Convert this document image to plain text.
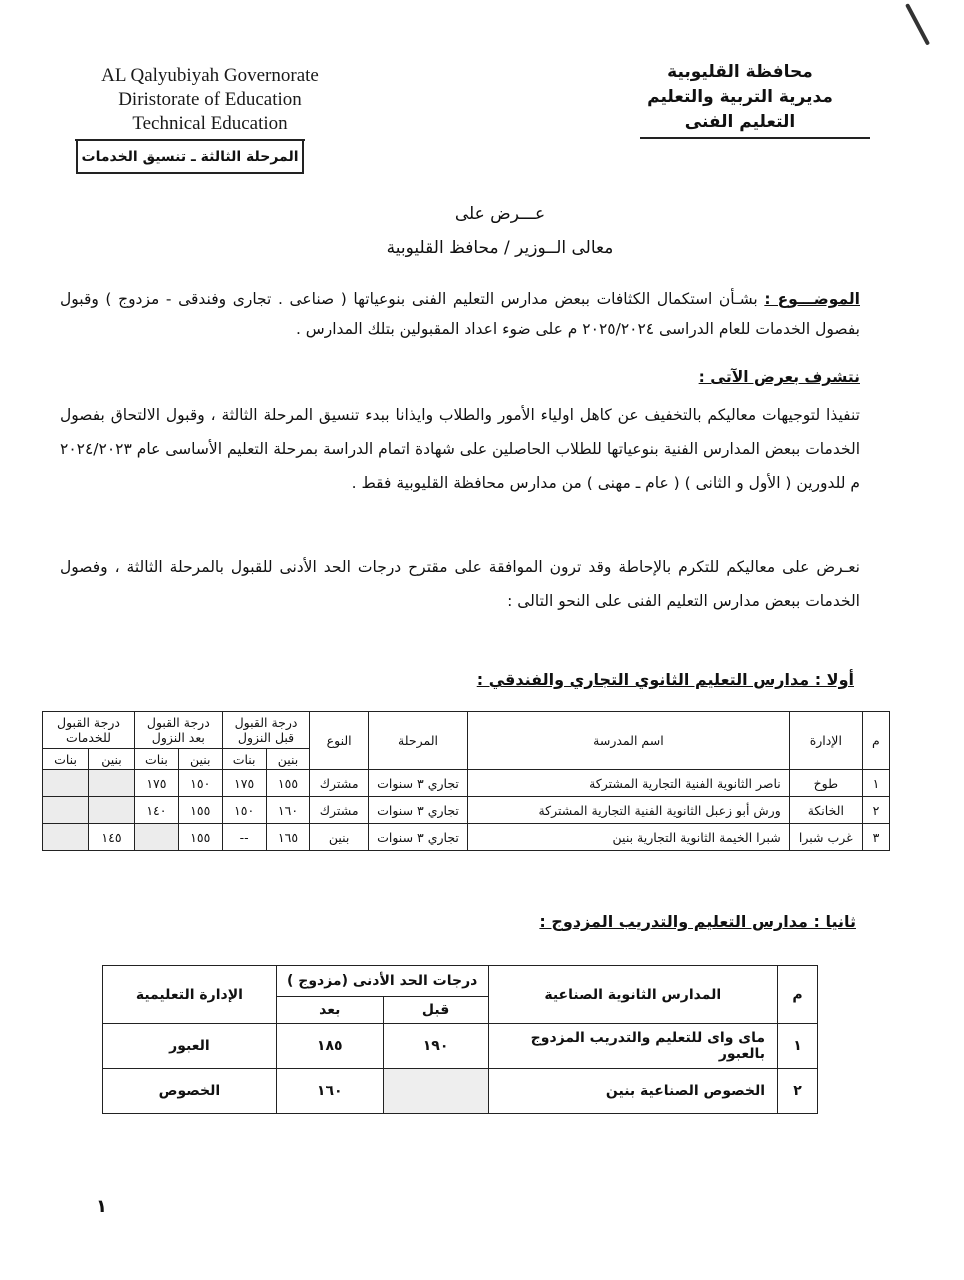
AL Qalyubiyah Governorate
Diristorate of Education
Technical Education
المرحلة الثالثة ـ تنسيق الخدمات
محافظة القليوبية
مديرية التربية والتعليم
التعليم الفنى
عـــرض على
معالى الــوزير / محافظ القليوبية
الموضـــوع : بشـأن استكمال الكثافات ببعض مدارس التعليم الفنى بنوعياتها ( صناعى . تجارى وفندقى - مزدوج ) وقبول بفصول الخدمات للعام الدراسى ٢٠٢٥/٢٠٢٤ م على ضوء اعداد المقبولين بتلك المدارس .
نتشرف بعرض الآتى :
تنفيذا لتوجيهات معاليكم بالتخفيف عن كاهل اولياء الأمور والطلاب وايذانا ببدء تنسيق المرحلة الثالثة ، وقبول الالتحاق بفصول الخدمات ببعض المدارس الفنية بنوعياتها للطلاب الحاصلين على شهادة اتمام الدراسة بمرحلة التعليم الأساسى عام ٢٠٢٤/٢٠٢٣ م للدورين ( الأول و الثانى ) ( عام ـ مهنى ) من مدارس محافظة القليوبية فقط .
نعـرض على معاليكم للتكرم بالإحاطة وقد ترون الموافقة على مقترح درجات الحد الأدنى للقبول بالمرحلة الثالثة ، وفصول الخدمات ببعض مدارس التعليم الفنى على النحو التالى :
أولا : مدارس التعليم الثانوي التجاري والفندقي :
م	الإدارة	اسم المدرسة	المرحلة	النوع	درجة القبول قبل النزول		درجة القبول بعد النزول		درجة القبول للخدمات	
					بنين	بنات	بنين	بنات	بنين	بنات
١	طوخ	ناصر الثانوية الفنية التجارية المشتركة	تجاري ٣ سنوات	مشترك	١٥٥	١٧٥	١٥٠	١٧٥		
٢	الخانكة	ورش أبو زعبل الثانوية الفنية التجارية المشتركة	تجاري ٣ سنوات	مشترك	١٦٠	١٥٠	١٥٥	١٤٠		
٣	غرب شبرا	شبرا الخيمة الثانوية التجارية بنين	تجاري ٣ سنوات	بنين	١٦٥	--	١٥٥		١٤٥	
ثانيا : مدارس التعليم والتدريب المزدوج :
م	المدارس الثانوية الصناعية	درجات الحد الأدنى (مزدوج )		الإدارة التعليمية
		قبل	بعد	
١	ماى واى للتعليم والتدريب المزدوج بالعبور	١٩٠	١٨٥	العبور
٢	الخصوص الصناعية بنين		١٦٠	الخصوص
١
